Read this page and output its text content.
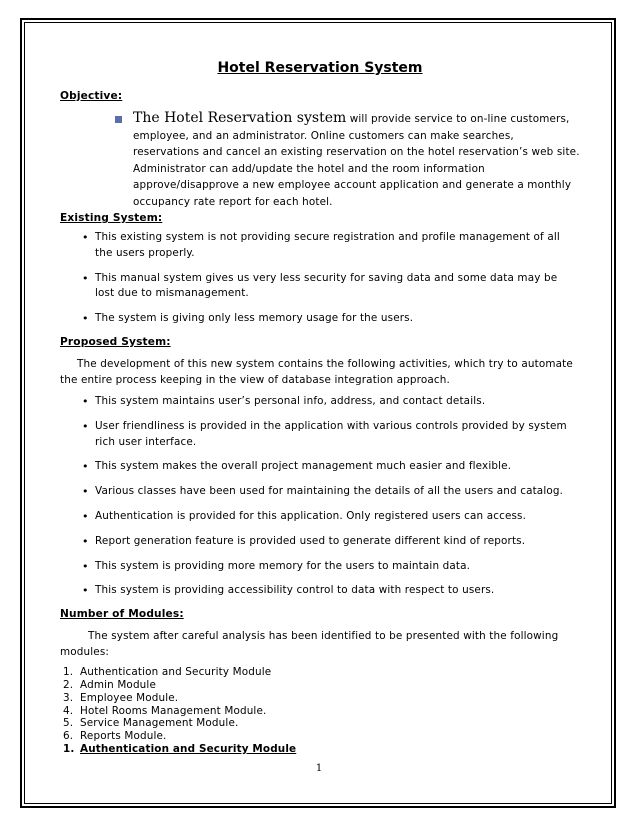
Hotel Reservation System

Objective:

The Hotel Reservation system will provide service to on-line customers, employee, and an administrator. Online customers can make searches, reservations and cancel an existing reservation on the hotel reservation’s web site. Administrator can add/update the hotel and the room information approve/disapprove a new employee account application and generate a monthly occupancy rate report for each hotel.

Existing System:

• This existing system is not providing secure registration and profile management of all the users properly.
• This manual system gives us very less security for saving data and some data may be lost due to mismanagement.
• The system is giving only less memory usage for the users.

Proposed System:

The development of this new system contains the following activities, which try to automate the entire process keeping in the view of database integration approach.
• This system maintains user’s personal info, address, and contact details.
• User friendliness is provided in the application with various controls provided by system rich user interface.
• This system makes the overall project management much easier and flexible.
• Various classes have been used for maintaining the details of all the users and catalog.
• Authentication is provided for this application. Only registered users can access.
• Report generation feature is provided used to generate different kind of reports.
• This system is providing more memory for the users to maintain data.
• This system is providing accessibility control to data with respect to users.

Number of Modules:

The system after careful analysis has been identified to be presented with the following modules:
1. Authentication and Security Module
2. Admin Module
3. Employee Module.
4. Hotel Rooms Management Module.
5. Service Management Module.
6. Reports Module.
1. Authentication and Security Module
1
